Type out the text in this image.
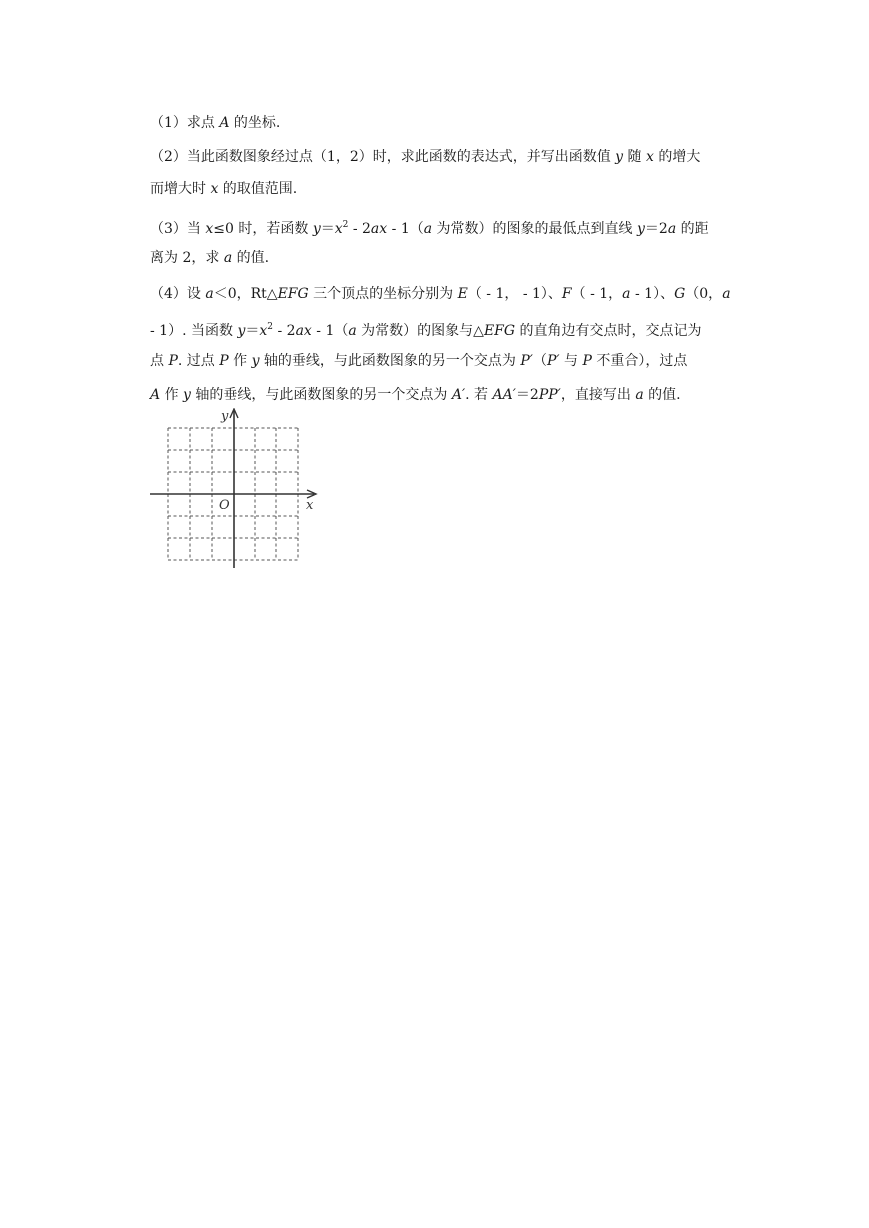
（1）求点 A 的坐标.
（2）当此函数图象经过点（1，2）时，求此函数的表达式，并写出函数值 y 随 x 的增大
而增大时 x 的取值范围.
（3）当 x≤0 时，若函数 $y=x^2 - 2ax - 1(a$ 为常数）的图象的最低点到直线 y＝2a 的距
离为 2，求 a 的值.
（4）设 a＜0，Rt△EFG 三个顶点的坐标分别为 E（ - 1， - 1）、F（ - 1，a - 1）、G（0，a
- 1）. 当函数 $y=x^2 - 2ax - 1(a$ 为常数）的图象与△EFG 的直角边有交点时，交点记为
点 P. 过点 P 作 y 轴的垂线，与此函数图象的另一个交点为 P′（P′ 与 P 不重合），过点
A 作 y 轴的垂线，与此函数图象的另一个交点为 A′. 若 AA′＝2PP′，直接写出 a 的值.
x
y
O
